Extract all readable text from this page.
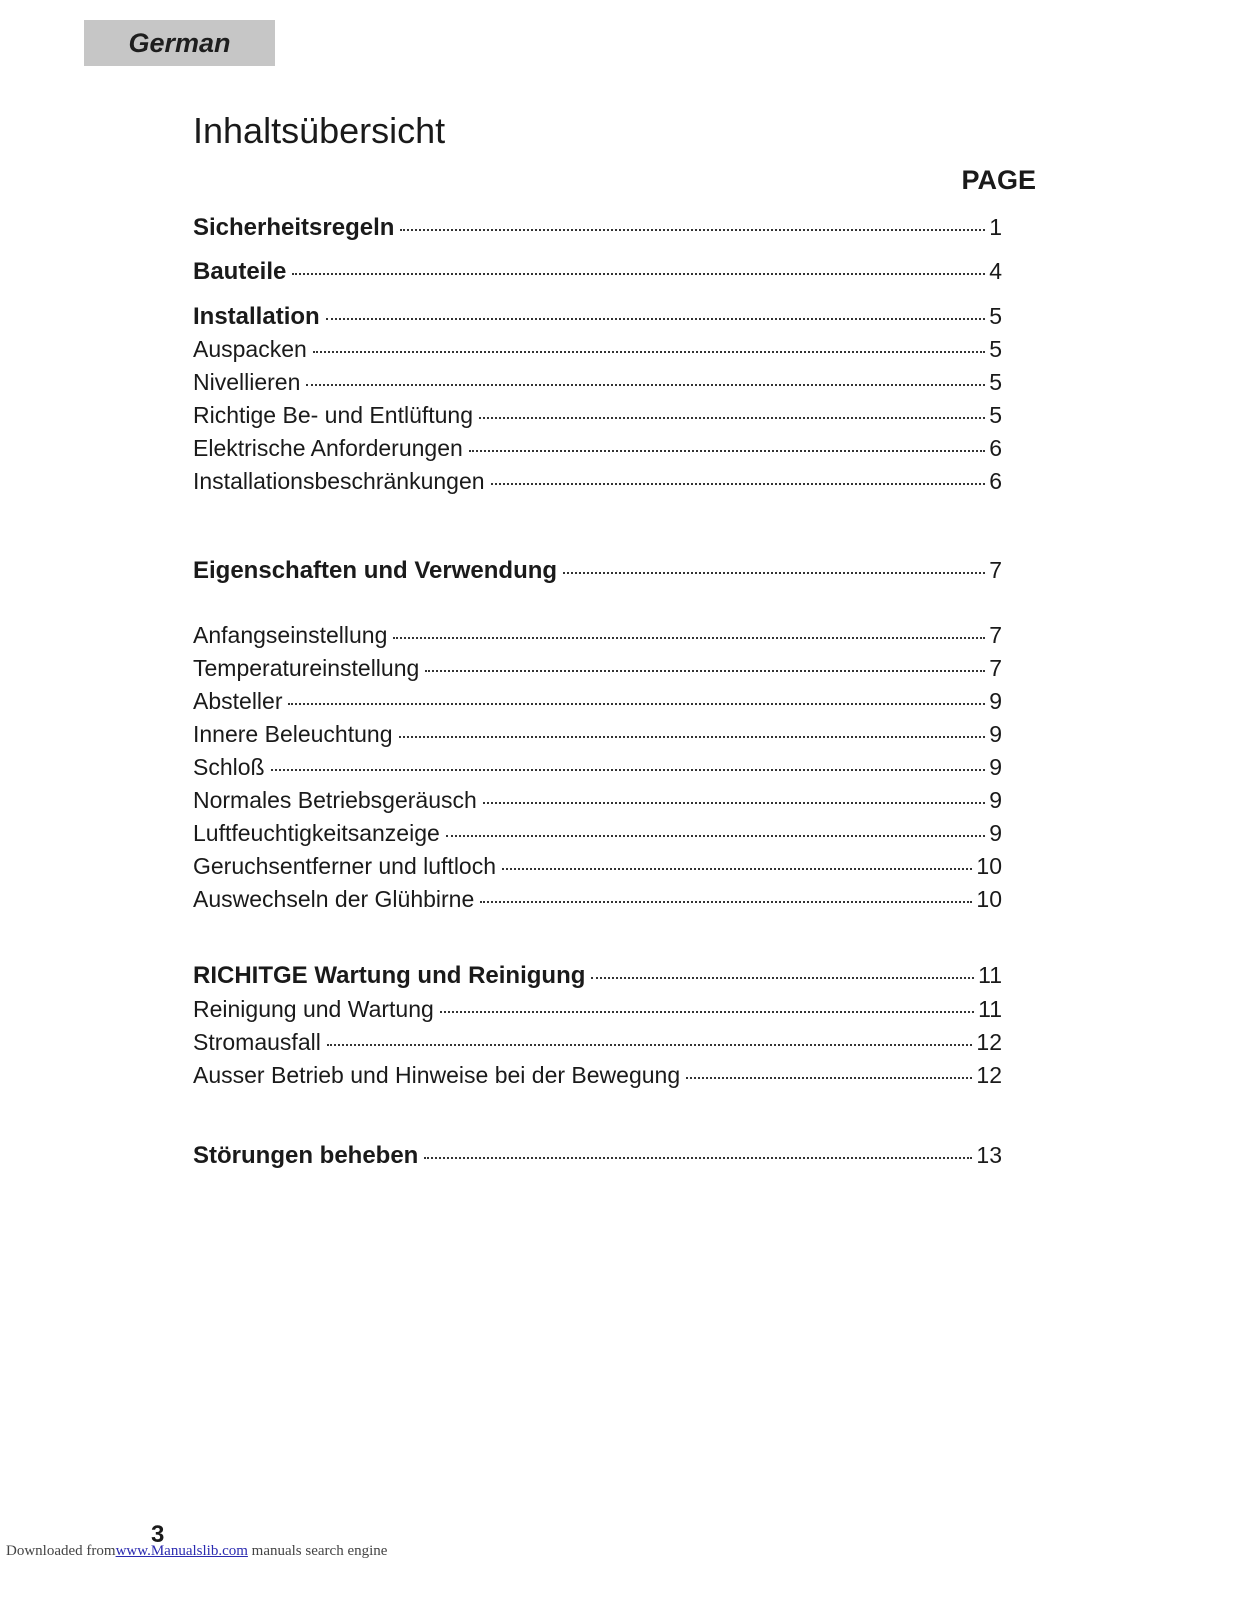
German
Inhaltsübersicht
PAGE
Sicherheitsregeln	1
Bauteile	4
Installation	5
Auspacken	5
Nivellieren	5
Richtige Be- und Entlüftung	5
Elektrische Anforderungen	6
Installationsbeschränkungen	6
Eigenschaften und Verwendung	7
Anfangseinstellung	7
Temperatureinstellung	7
Absteller	9
Innere Beleuchtung	9
Schloß	9
Normales Betriebsgeräusch	9
Luftfeuchtigkeitsanzeige	9
Geruchsentferner und luftloch	10
Auswechseln der Glühbirne	10
RICHITGE Wartung und Reinigung	11
Reinigung und Wartung	11
Stromausfall	12
Ausser Betrieb und Hinweise bei der Bewegung	12
Störungen beheben	13
3
Downloaded fromwww.Manualslib.com manuals search engine
